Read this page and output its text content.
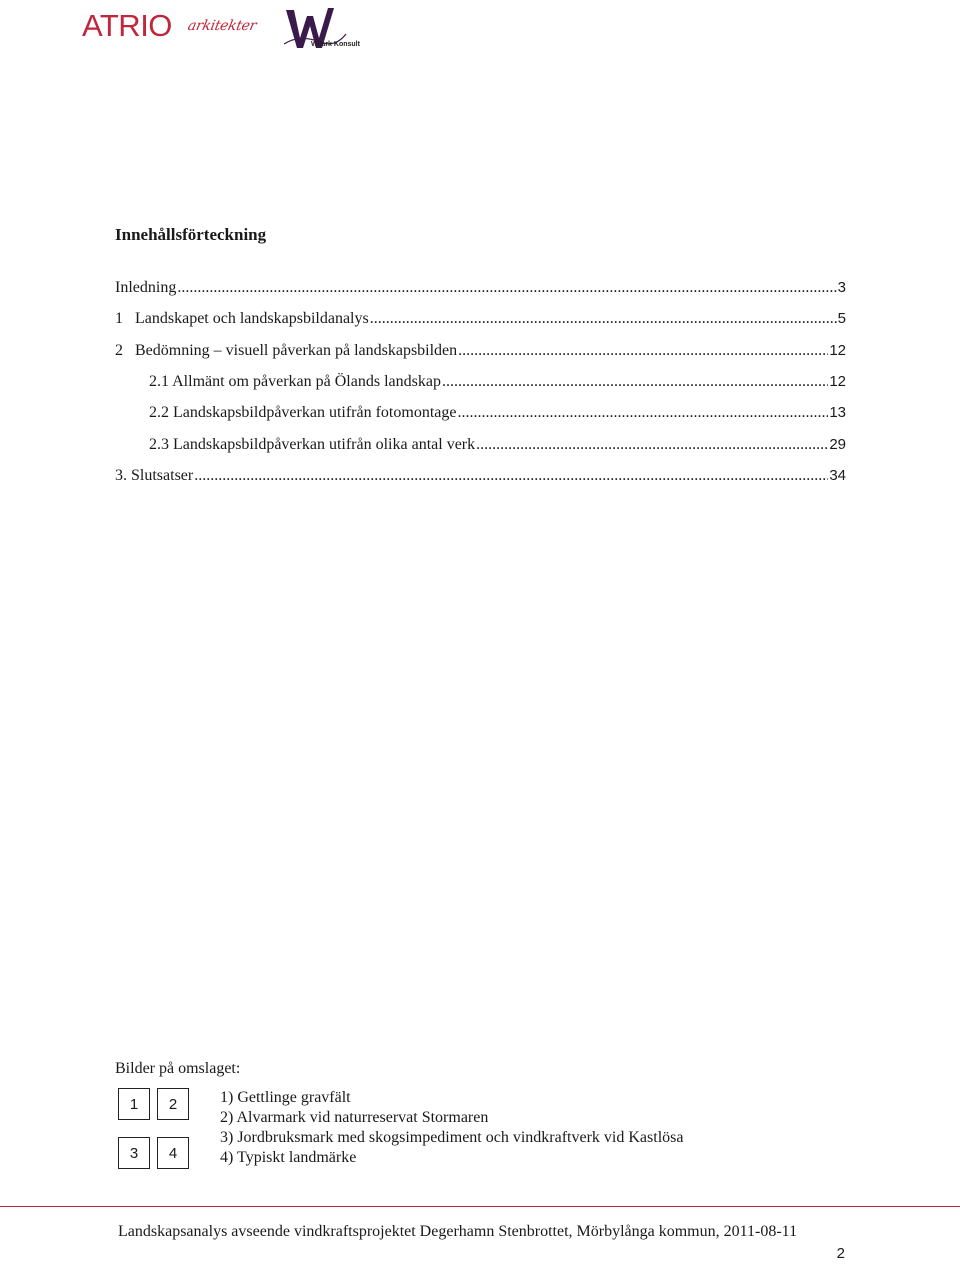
ATRIO arkitekter
Wilark Konsult
Innehållsförteckning
Inledning .....	3
1   Landskapet och landskapsbildanalys .....	5
2   Bedömning – visuell påverkan på landskapsbilden .....	12
2.1 Allmänt om påverkan på Ölands landskap .....	12
2.2 Landskapsbildpåverkan utifrån fotomontage .....	13
2.3 Landskapsbildpåverkan utifrån olika antal verk .....	29
3. Slutsatser .....	34
Bilder på omslaget:
1	2
3	4
1) Gettlinge gravfält
2) Alvarmark vid naturreservat Stormaren
3) Jordbruksmark med skogsimpediment och vindkraftverk vid Kastlösa
4) Typiskt landmärke
Landskapsanalys avseende vindkraftsprojektet Degerhamn Stenbrottet, Mörbylånga kommun, 2011-08-11
2
